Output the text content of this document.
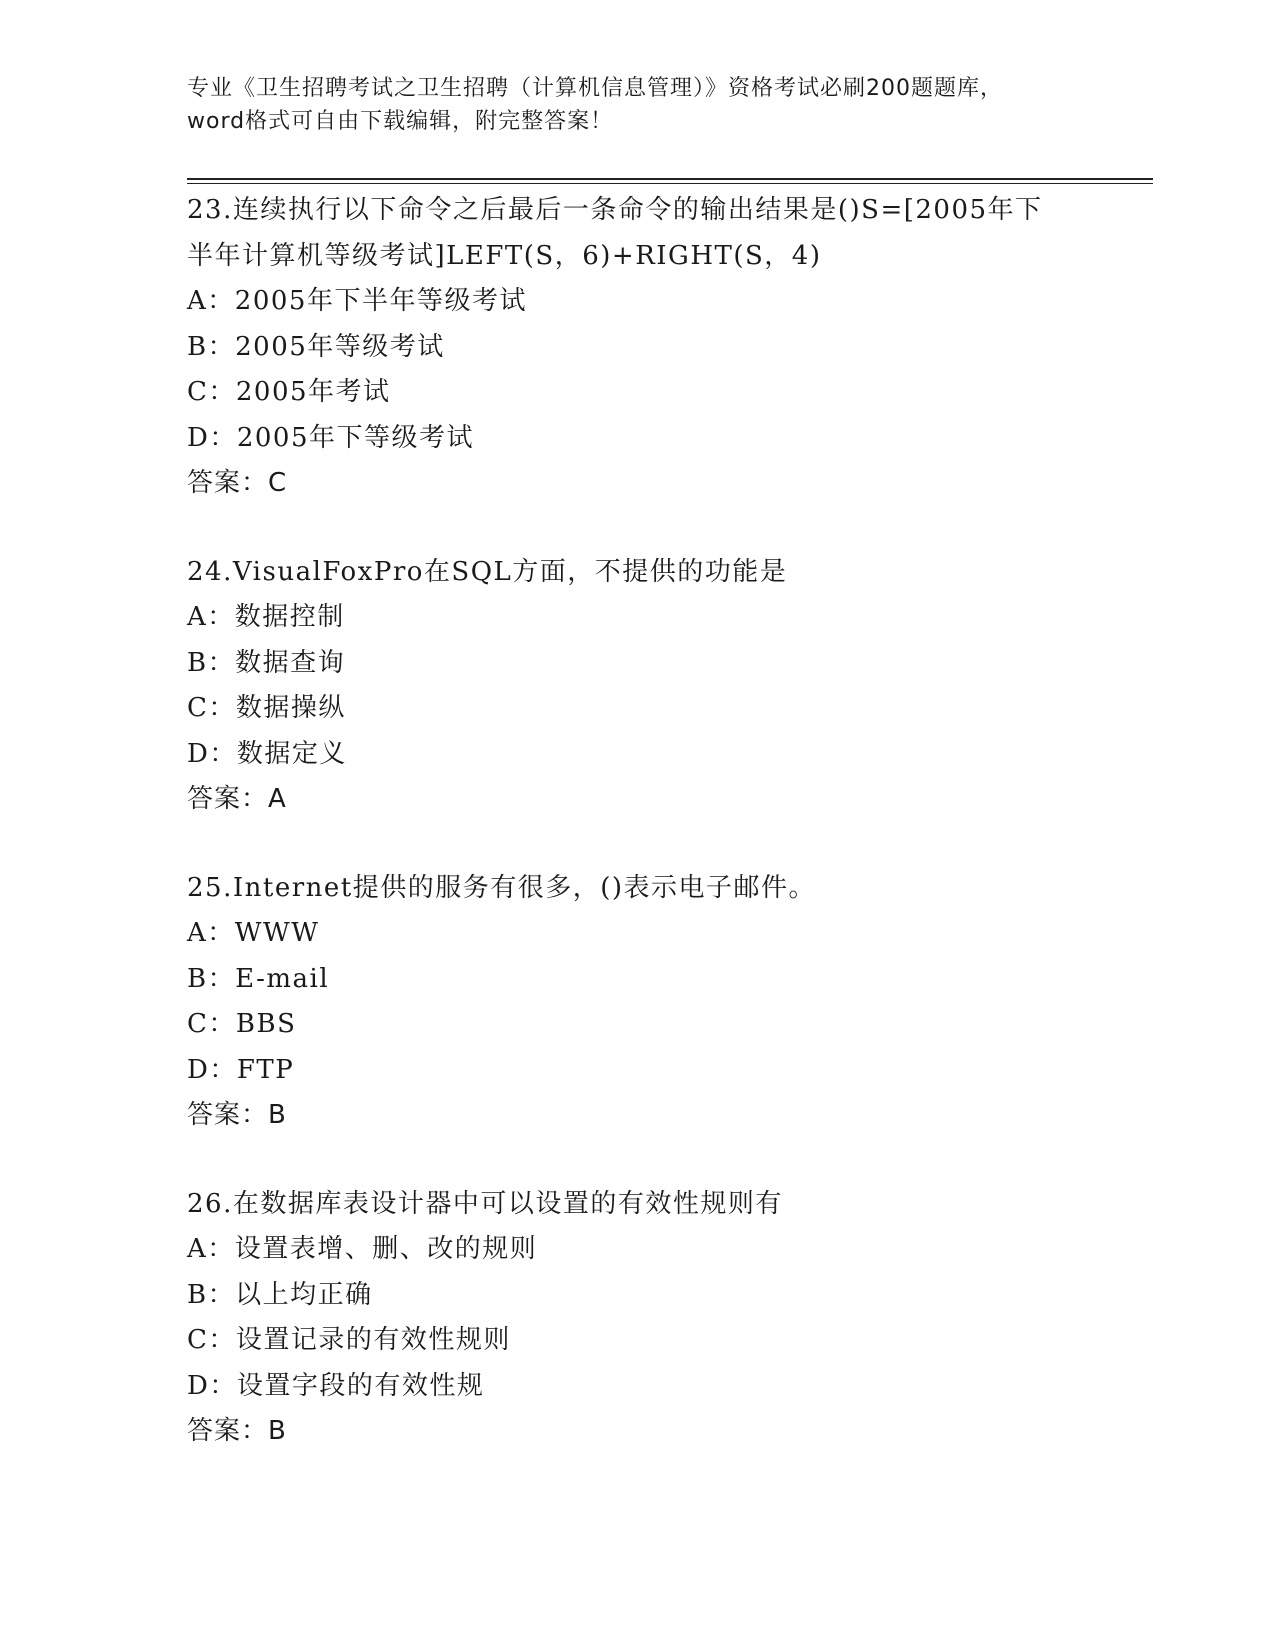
专业《卫生招聘考试之卫生招聘（计算机信息管理）》资格考试必刷200题题库，
word格式可自由下载编辑，附完整答案！
23.连续执行以下命令之后最后一条命令的输出结果是()S=[2005年下
半年计算机等级考试]LEFT(S，6)+RIGHT(S，4)
A：2005年下半年等级考试
B：2005年等级考试
C：2005年考试
D：2005年下等级考试
答案：C
24.VisualFoxPro在SQL方面，不提供的功能是
A：数据控制
B：数据查询
C：数据操纵
D：数据定义
答案：A
25.Internet提供的服务有很多，()表示电子邮件。
A：WWW
B：E-mail
C：BBS
D：FTP
答案：B
26.在数据库表设计器中可以设置的有效性规则有
A：设置表增、删、改的规则
B：以上均正确
C：设置记录的有效性规则
D：设置字段的有效性规
答案：B
